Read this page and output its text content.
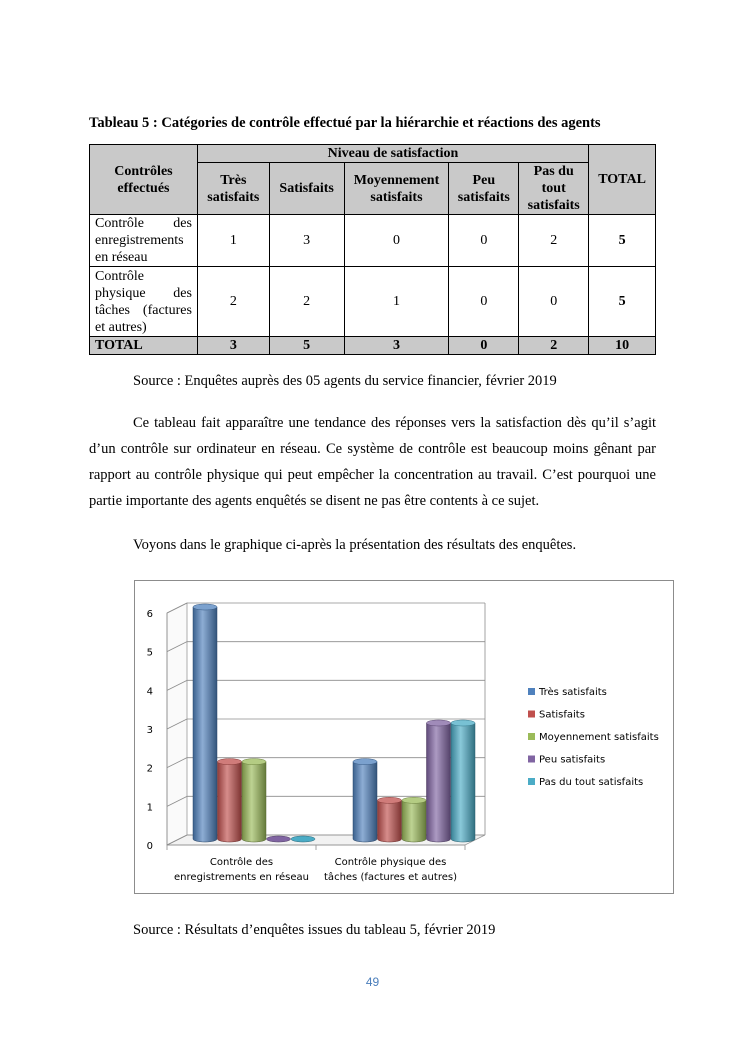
Tableau 5 : Catégories de contrôle effectué par la hiérarchie et réactions des agents
Contrôles effectués	Niveau de satisfaction					TOTAL
	Très satisfaits	Satisfaits	Moyennement satisfaits	Peu satisfaits	Pas du tout satisfaits	
Contrôle des enregistrements en réseau	1	3	0	0	2	5
Contrôle physique des tâches (factures et autres)	2	2	1	0	0	5
TOTAL	3	5	3	0	2	10
Source : Enquêtes auprès des 05 agents du service financier, février 2019
Ce tableau fait apparaître une tendance des réponses vers la satisfaction dès qu’il s’agit d’un contrôle sur ordinateur en réseau. Ce système de contrôle est beaucoup moins gênant par rapport au contrôle physique qui peut empêcher la concentration au travail. C’est pourquoi une partie importante des agents enquêtés se disent ne pas être contents à ce sujet.
Voyons dans le graphique ci-après la présentation des résultats des enquêtes.
0
1
2
3
4
5
6
Contrôle des
enregistrements en réseau
Contrôle physique des
tâches (factures et autres)
Très satisfaits
Satisfaits
Moyennement satisfaits
Peu satisfaits
Pas du tout satisfaits
Source : Résultats d’enquêtes issues du tableau 5, février 2019
49
